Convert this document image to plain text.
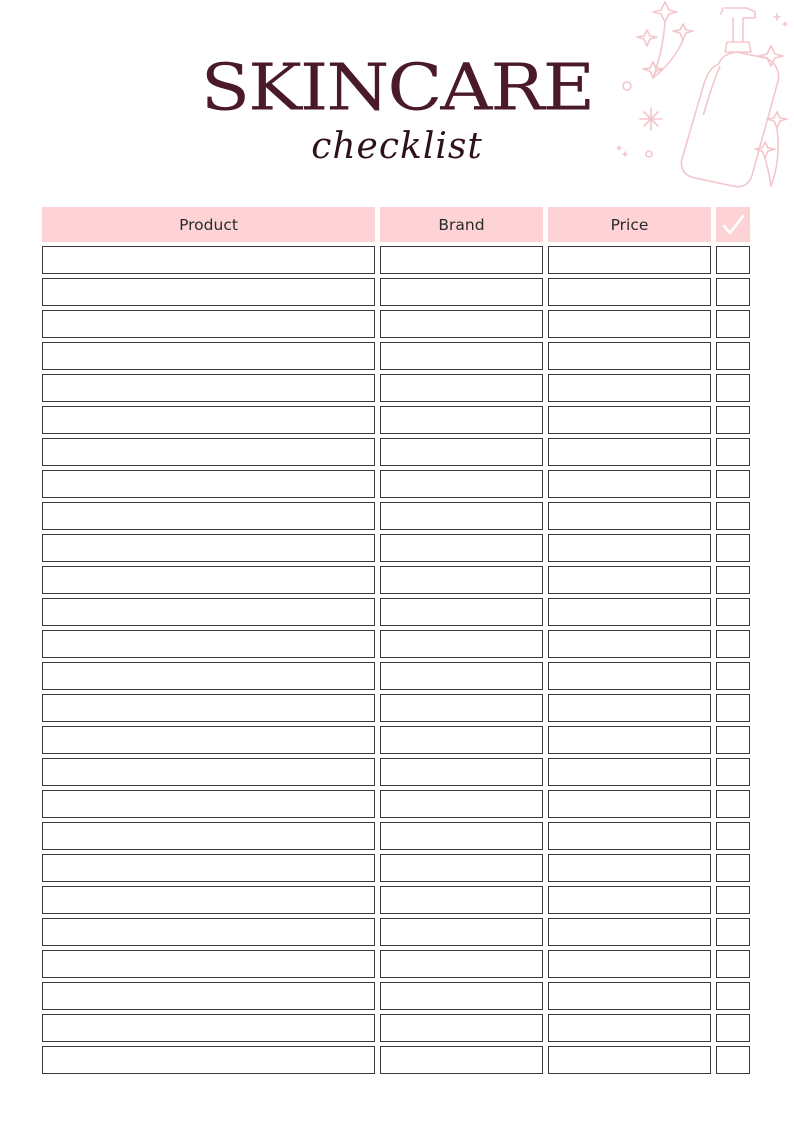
SKINCARE
checklist
Product	Brand	Price
